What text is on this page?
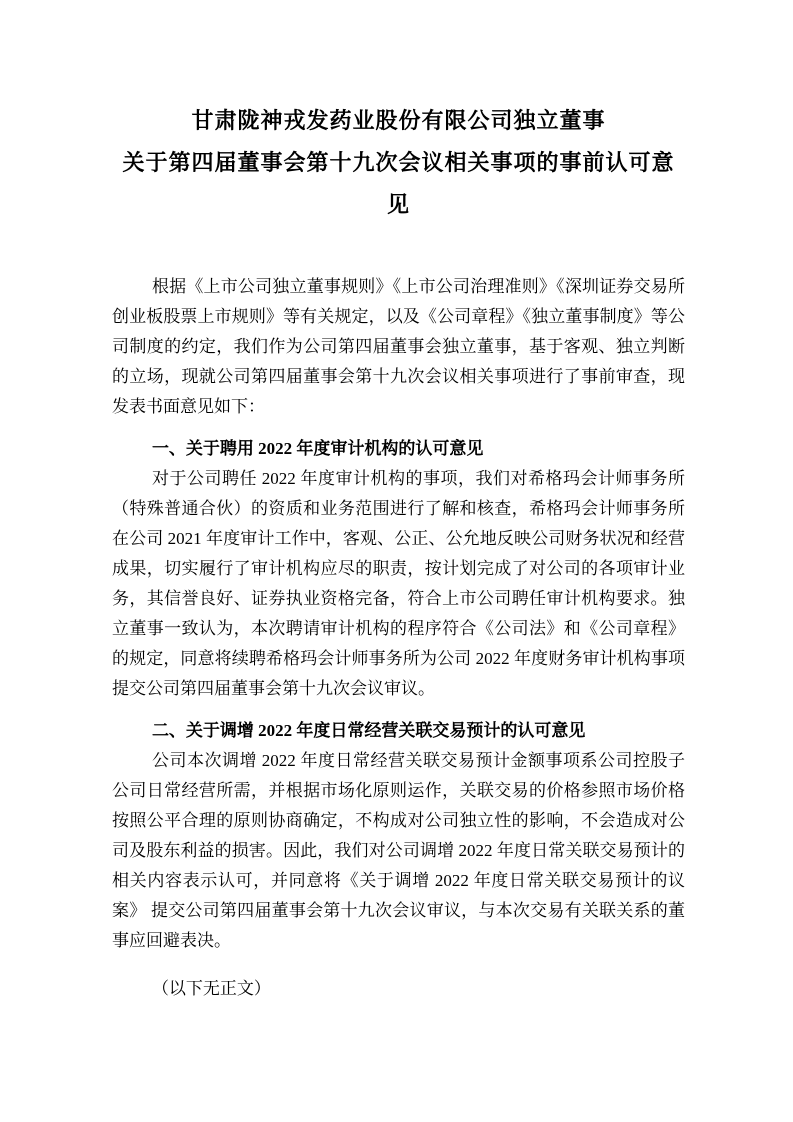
甘肃陇神戎发药业股份有限公司独立董事
关于第四届董事会第十九次会议相关事项的事前认可意见

根据《上市公司独立董事规则》《上市公司治理准则》《深圳证券交易所创业板股票上市规则》等有关规定，以及《公司章程》《独立董事制度》等公司制度的约定，我们作为公司第四届董事会独立董事，基于客观、独立判断的立场，现就公司第四届董事会第十九次会议相关事项进行了事前审查，现发表书面意见如下：

一、关于聘用 2022 年度审计机构的认可意见

对于公司聘任 2022 年度审计机构的事项，我们对希格玛会计师事务所（特殊普通合伙）的资质和业务范围进行了解和核查，希格玛会计师事务所在公司 2021 年度审计工作中，客观、公正、公允地反映公司财务状况和经营成果，切实履行了审计机构应尽的职责，按计划完成了对公司的各项审计业务，其信誉良好、证券执业资格完备，符合上市公司聘任审计机构要求。独立董事一致认为，本次聘请审计机构的程序符合《公司法》和《公司章程》的规定，同意将续聘希格玛会计师事务所为公司 2022 年度财务审计机构事项提交公司第四届董事会第十九次会议审议。

二、关于调增 2022 年度日常经营关联交易预计的认可意见

公司本次调增 2022 年度日常经营关联交易预计金额事项系公司控股子公司日常经营所需，并根据市场化原则运作，关联交易的价格参照市场价格按照公平合理的原则协商确定，不构成对公司独立性的影响，不会造成对公司及股东利益的损害。因此，我们对公司调增 2022 年度日常关联交易预计的相关内容表示认可，并同意将《关于调增 2022 年度日常关联交易预计的议案》 提交公司第四届董事会第十九次会议审议，与本次交易有关联关系的董事应回避表决。

（以下无正文）
